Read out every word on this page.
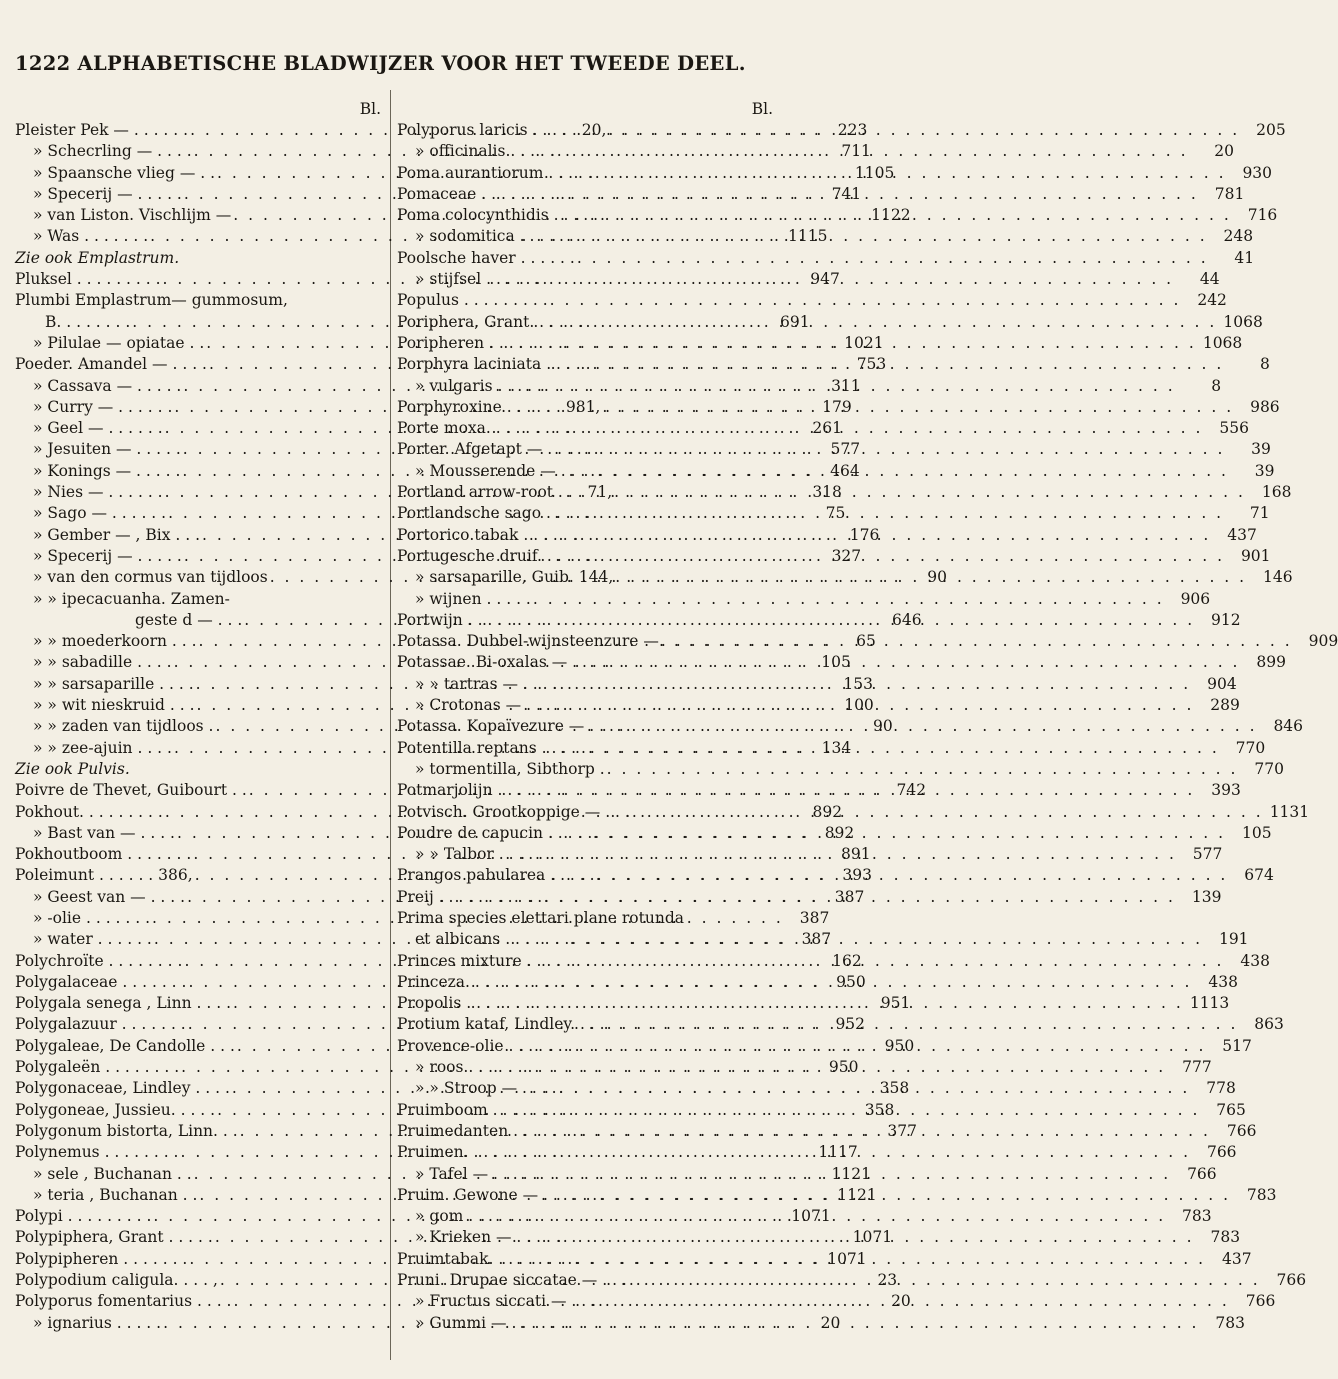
1222 ALPHABETISCHE BLADWIJZER VOOR HET TWEEDE DEEL.
Bl.
Pleister Pek — . . . . . . . . .	223
» Schecrling — . . . . . . .	711
» Spaansche vlieg — . . . . .	1105
» Specerij — . . . . . . . .	741
» van Liston. Vischlijm — . . .	1122
» Was . . . . . . . . . .	1115
Zie ook Emplastrum.
Pluksel . . . . . . . . . . . .	947
Plumbi Emplastrum— gummosum,
B. . . . . . . . . . .	691
» Pilulae — opiatae . . . . .	1021
Poeder. Amandel — . . . . . . .	753
» Cassava — . . . . . . . .	311
» Curry — . . . . . . . . .	179
» Geel — . . . . . . . . .	261
» Jesuiten — . . . . . . . .	577
» Konings — . . . . . . . .	464
» Nies — . . . . . . . . .	318
» Sago — . . . . . . . . .	75
» Gember — , Bix . . . . . .	176
» Specerij — . . . . . . . .	327
» van den cormus van tijdloos . . .	90
» » ipecacuanha. Zamen-
geste d — . . . . . .	646
» » moederkoorn . . . . . .	65
» » sabadille . . . . . . .	105
» » sarsaparille . . . . . . .	153
» » wit nieskruid . . . . . .	100
» » zaden van tijdloos . . . .	90
» » zee-ajuin . . . . . . .	134
Zie ook Pulvis.
Poivre de Thevet, Guibourt . . . . .	742
Pokhout. . . . . . . . . . . .	892
» Bast van — . . . . . . .	892
Pokhoutboom . . . . . . . . . .	891
Poleimunt . . . . . . 386, . . .	393
» Geest van — . . . . . . .	387
» -olie . . . . . . . . . .	387
» water . . . . . . . . .	387
Polychroïte . . . . . . . . . . .	162
Polygalaceae . . . . . . . . . .	950
Polygala senega , Linn . . . . . . .	951
Polygalazuur . . . . . . . . . .	952
Polygaleae, De Candolle . . . . . .	950
Polygaleën . . . . . . . . . . .	950
Polygonaceae, Lindley . . . . . . .	358
Polygoneae, Jussieu. . . . . . . .	358
Polygonum bistorta, Linn. . . . . .	377
Polynemus . . . . . . . . . . .	1117
» sele , Buchanan . . . . .	1121
» teria , Buchanan . . . . .	1121
Polypi . . . . . . . . . . . .	1071
Polypiphera, Grant . . . . . . . .	1071
Polypipheren . . . . . . . . . .	1071
Polypodium caligula. . . . , . . .	23
Polyporus fomentarius . . . . . . .	20
» ignarius . . . . . . . .	20
Bl.
Polyporus laricis . . . . . 20, . . .	205
» officinalis . . . . . . . .	20
Poma aurantiorum . . . . . . . .	930
Pomaceae . . . . . . . . . . . .	781
Poma colocynthidis . . . . . . . .	716
» sodomitica . . . . . . . . .	248
Poolsche haver . . . . . . . . .	41
» stijfsel . . . . . . . . .	44
Populus . . . . . . . . . . . .	242
Poriphera, Grant. . . . . . . . .	1068
Poripheren . . . . . . . . . . .	1068
Porphyra laciniata . . . . . . . .	8
» vulgaris . . . . . . . .	8
Porphyroxine . . . . . . 981, . . .	986
Porte moxa. . . . . . . . . . . .	556
Porter. Afgetapt — . . . . . . . .	39
» Mousserende — . . . . . . .	39
Portland arrow-root . . . 71, . . .	168
Portlandsche sago . . . . . . . .	71
Portorico tabak . . . . . . . . .	437
Portugesche druif. . . . . . . . .	901
» sarsaparille, Guib. 144, . . .	146
» wijnen . . . . . . . .	906
Portwijn . . . . . . . . . . . . .	912
Potassa. Dubbel-wijnsteenzure — . . .	909
Potassae. Bi-oxalas — . . . . . . .	899
» » tartras — . . . . . . .	904
» Crotonas — . . . . . . .	289
Potassa. Kopaïvezure — . . . . . . .	846
Potentilla reptans . . . . . . . .	770
» tormentilla, Sibthorp . . . .	770
Potmarjolijn . . . . . . . . . .	393
Potvisch. Grootkoppige — . . . . . .	1131
Poudre de capucin . . . . . . . .	105
» » Talbor . . . . . . . .	577
Prangos pabularea . . . . . . . .	674
Preij . . . . . . . . . . . . . .	139
Prima species elettari plane rotunda
et albicans . . . . . . . . . .	191
Princes mixture . . . . . . . . . .	438
Princeza. . . . . . . . . . . . .	438
Propolis . . . . . . . . . . . .	1113
Protium kataf, Lindley. . . . . . .	863
Provence-olie . . . . . . . . . .	517
» roos . . . . . . . . . .	777
» » Stroop — . . . . . . .	778
Pruimboom . . . . . . . . . . .	765
Pruimedanten . . . . . . . . . .	766
Pruimen. . . . . . . . . . . . .	766
» Tafel — . . . . . . . .	766
Pruim. Gewone — . . . . . . . . .	783
» gom . . . . . . . . . .	783
» Krieken — . . . . . . . .	783
Pruimtabak. . . . . . . . . . . .	437
Pruni. Drupae siccatae — . . . . . .	766
» Fructus siccati — . . . . . .	766
» Gummi — . . . . . . . . .	783
